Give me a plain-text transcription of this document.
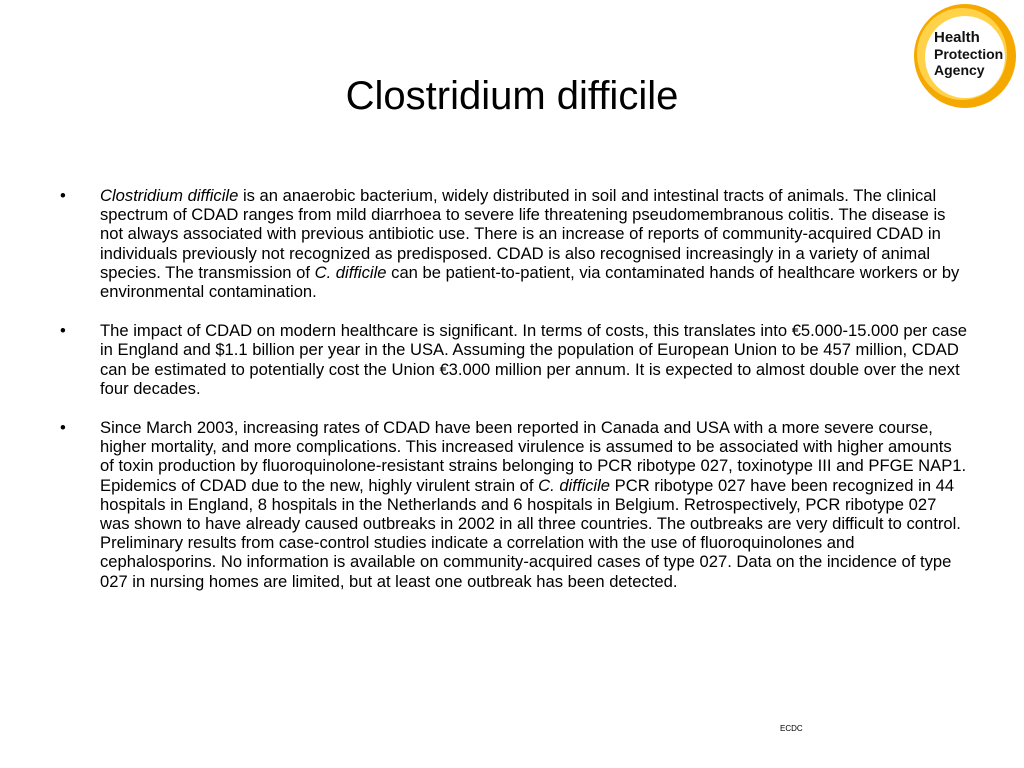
Clostridium difficile
Health
Protection
Agency
•	Clostridium difficile is an anaerobic bacterium, widely distributed in soil and intestinal tracts of animals. The clinical spectrum of CDAD ranges from mild diarrhoea to severe life threatening pseudomembranous colitis. The disease is not always associated with previous antibiotic use. There is an increase of reports of community-acquired CDAD in individuals previously not recognized as predisposed. CDAD is also recognised increasingly in a variety of animal species. The transmission of C. difficile can be patient-to-patient, via contaminated hands of healthcare workers or by environmental contamination.
•	The impact of CDAD on modern healthcare is significant. In terms of costs, this translates into €5.000-15.000 per case in England and $1.1 billion per year in the USA. Assuming the population of European Union to be 457 million, CDAD can be estimated to potentially cost the Union €3.000 million per annum. It is expected to almost double over the next four decades.
•	Since March 2003, increasing rates of CDAD have been reported in Canada and USA with a more severe course, higher mortality, and more complications. This increased virulence is assumed to be associated with higher amounts of toxin production by fluoroquinolone-resistant strains belonging to PCR ribotype 027, toxinotype III and PFGE NAP1. Epidemics of CDAD due to the new, highly virulent strain of C. difficile PCR ribotype 027 have been recognized in 44 hospitals in England, 8 hospitals in the Netherlands and 6 hospitals in Belgium. Retrospectively, PCR ribotype 027 was shown to have already caused outbreaks in 2002 in all three countries. The outbreaks are very difficult to control. Preliminary results from case-control studies indicate a correlation with the use of fluoroquinolones and cephalosporins. No information is available on community-acquired cases of type 027. Data on the incidence of type 027 in nursing homes are limited, but at least one outbreak has been detected.
ECDC
